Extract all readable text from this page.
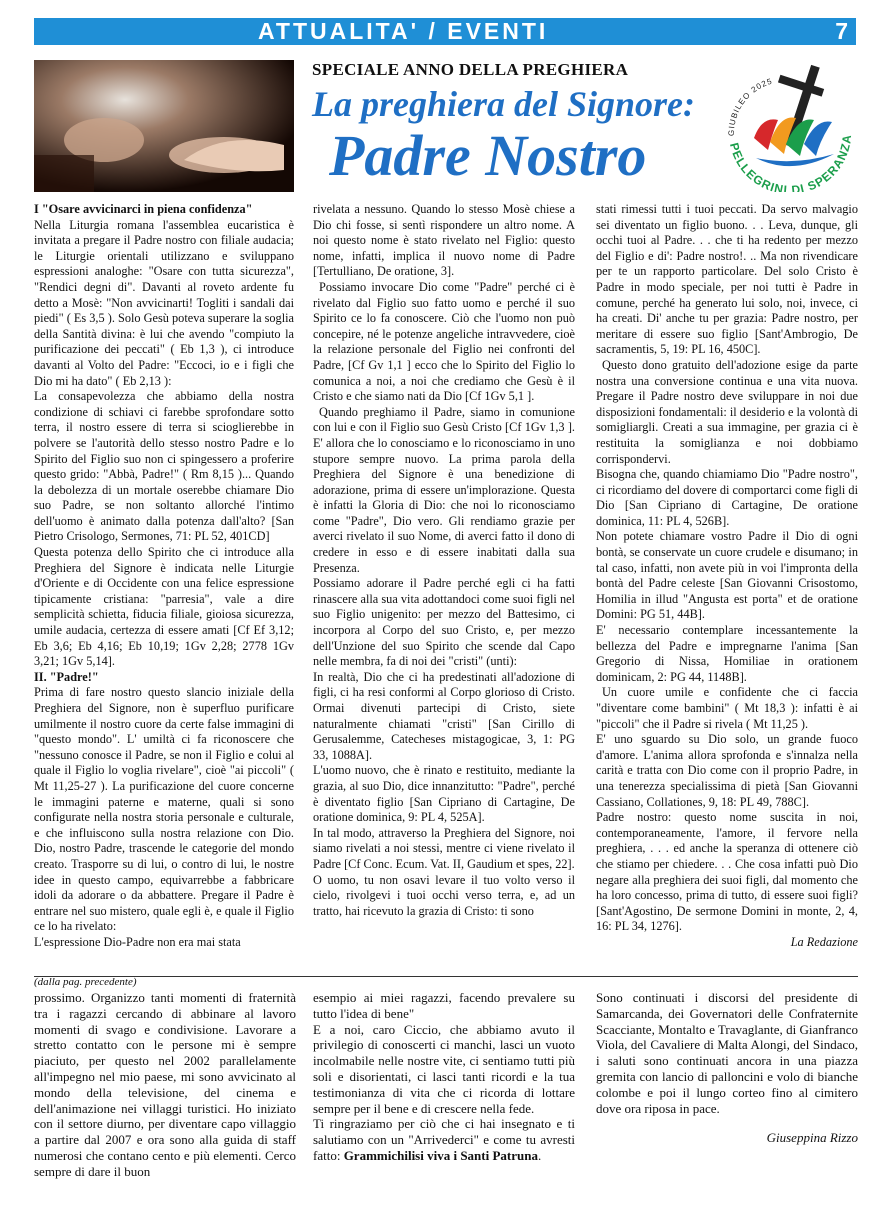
ATTUALITA' / EVENTI	7
SPECIALE ANNO DELLA PREGHIERA
La preghiera del Signore:
Padre Nostro	GIUBILEO 2025
PELLEGRINI DI SPERANZA

I "Osare avvicinarci in piena confidenza"

Nella Liturgia romana l'assemblea eucaristica è invitata a pregare il Padre nostro con filiale audacia; le Liturgie orientali utilizzano e sviluppano espressioni analoghe: "Osare con tutta sicurezza", "Rendici degni di". Davanti al roveto ardente fu detto a Mosè: "Non avvicinarti! Togliti i sandali dai piedi" ( Es 3,5 ). Solo Gesù poteva superare la soglia della Santità divina: è lui che avendo "compiuto la purificazione dei peccati" ( Eb 1,3 ), ci introduce davanti al Volto del Padre: "Eccoci, io e i figli che Dio mi ha dato" ( Eb 2,13 ):

La consapevolezza che abbiamo della nostra condizione di schiavi ci farebbe sprofondare sotto terra, il nostro essere di terra si scioglierebbe in polvere se l'autorità dello stesso nostro Padre e lo Spirito del Figlio suo non ci spingessero a proferire questo grido: "Abbà, Padre!" ( Rm 8,15 )... Quando la debolezza di un mortale oserebbe chiamare Dio suo Padre, se non soltanto allorché l'intimo dell'uomo è animato dalla potenza dall'alto? [San Pietro Crisologo, Sermones, 71: PL 52, 401CD]

Questa potenza dello Spirito che ci introduce alla Preghiera del Signore è indicata nelle Liturgie d'Oriente e di Occidente con una felice espressione tipicamente cristiana: "parresia", vale a dire semplicità schietta, fiducia filiale, gioiosa sicurezza, umile audacia, certezza di essere amati [Cf Ef 3,12; Eb 3,6; Eb 4,16; Eb 10,19; 1Gv 2,28; 2778 1Gv 3,21; 1Gv 5,14].

II. "Padre!"

Prima di fare nostro questo slancio iniziale della Preghiera del Signore, non è superfluo purificare umilmente il nostro cuore da certe false immagini di "questo mondo". L' umiltà ci fa riconoscere che "nessuno conosce il Padre, se non il Figlio e colui al quale il Figlio lo voglia rivelare", cioè "ai piccoli" ( Mt 11,25-27 ). La purificazione del cuore concerne le immagini paterne e materne, quali si sono configurate nella nostra storia personale e culturale, e che influiscono sulla nostra relazione con Dio. Dio, nostro Padre, trascende le categorie del mondo creato. Trasporre su di lui, o contro di lui, le nostre idee in questo campo, equivarrebbe a fabbricare idoli da adorare o da abbattere. Pregare il Padre è entrare nel suo mistero, quale egli è, e quale il Figlio ce lo ha rivelato:

L'espressione Dio-Padre non era mai stata

rivelata a nessuno. Quando lo stesso Mosè chiese a Dio chi fosse, si sentì rispondere un altro nome. A noi questo nome è stato rivelato nel Figlio: questo nome, infatti, implica il nuovo nome di Padre [Tertulliano, De oratione, 3].

Possiamo invocare Dio come "Padre" perché ci è rivelato dal Figlio suo fatto uomo e perché il suo Spirito ce lo fa conoscere. Ciò che l'uomo non può concepire, né le potenze angeliche intravvedere, cioè la relazione personale del Figlio nei confronti del Padre, [Cf Gv 1,1 ] ecco che lo Spirito del Figlio lo comunica a noi, a noi che crediamo che Gesù è il Cristo e che siamo nati da Dio [Cf 1Gv 5,1 ].

Quando preghiamo il Padre, siamo in comunione con lui e con il Figlio suo Gesù Cristo [Cf 1Gv 1,3 ]. E' allora che lo conosciamo e lo riconosciamo in uno stupore sempre nuovo. La prima parola della Preghiera del Signore è una benedizione di adorazione, prima di essere un'implorazione. Questa è infatti la Gloria di Dio: che noi lo riconosciamo come "Padre", Dio vero. Gli rendiamo grazie per averci rivelato il suo Nome, di averci fatto il dono di credere in esso e di essere inabitati dalla sua Presenza.

Possiamo adorare il Padre perché egli ci ha fatti rinascere alla sua vita adottandoci come suoi figli nel suo Figlio unigenito: per mezzo del Battesimo, ci incorpora al Corpo del suo Cristo, e, per mezzo dell'Unzione del suo Spirito che scende dal Capo nelle membra, fa di noi dei "cristi" (unti):

In realtà, Dio che ci ha predestinati all'adozione di figli, ci ha resi conformi al Corpo glorioso di Cristo. Ormai divenuti partecipi di Cristo, siete naturalmente chiamati "cristi" [San Cirillo di Gerusalemme, Catecheses mistagogicae, 3, 1: PG 33, 1088A].

L'uomo nuovo, che è rinato e restituito, mediante la grazia, al suo Dio, dice innanzitutto: "Padre", perché è diventato figlio [San Cipriano di Cartagine, De oratione dominica, 9: PL 4, 525A].

In tal modo, attraverso la Preghiera del Signore, noi siamo rivelati a noi stessi, mentre ci viene rivelato il Padre [Cf Conc. Ecum. Vat. II, Gaudium et spes, 22].

O uomo, tu non osavi levare il tuo volto verso il cielo, rivolgevi i tuoi occhi verso terra, e, ad un tratto, hai ricevuto la grazia di Cristo: ti sono

stati rimessi tutti i tuoi peccati. Da servo malvagio sei diventato un figlio buono. . . Leva, dunque, gli occhi tuoi al Padre. . . che ti ha redento per mezzo del Figlio e di': Padre nostro!. .. Ma non rivendicare per te un rapporto particolare. Del solo Cristo è Padre in modo speciale, per noi tutti è Padre in comune, perché ha generato lui solo, noi, invece, ci ha creati. Di' anche tu per grazia: Padre nostro, per meritare di essere suo figlio [Sant'Ambrogio, De sacramentis, 5, 19: PL 16, 450C].

Questo dono gratuito dell'adozione esige da parte nostra una conversione continua e una vita nuova. Pregare il Padre nostro deve sviluppare in noi due disposizioni fondamentali: il desiderio e la volontà di somigliargli. Creati a sua immagine, per grazia ci è restituita la somiglianza e noi dobbiamo corrispondervi.

Bisogna che, quando chiamiamo Dio "Padre nostro", ci ricordiamo del dovere di comportarci come figli di Dio [San Cipriano di Cartagine, De oratione dominica, 11: PL 4, 526B].

Non potete chiamare vostro Padre il Dio di ogni bontà, se conservate un cuore crudele e disumano; in tal caso, infatti, non avete più in voi l'impronta della bontà del Padre celeste [San Giovanni Crisostomo, Homilia in illud "Angusta est porta" et de oratione Domini: PG 51, 44B].

E' necessario contemplare incessantemente la bellezza del Padre e impregnarne l'anima [San Gregorio di Nissa, Homiliae in orationem dominicam, 2: PG 44, 1148B].

Un cuore umile e confidente che ci faccia "diventare come bambini" ( Mt 18,3 ): infatti è ai "piccoli" che il Padre si rivela ( Mt 11,25 ).

E' uno sguardo su Dio solo, un grande fuoco d'amore. L'anima allora sprofonda e s'innalza nella carità e tratta con Dio come con il proprio Padre, in una tenerezza specialissima di pietà [San Giovanni Cassiano, Collationes, 9, 18: PL 49, 788C].

Padre nostro: questo nome suscita in noi, contemporaneamente, l'amore, il fervore nella preghiera, . . . ed anche la speranza di ottenere ciò che stiamo per chiedere. . . Che cosa infatti può Dio negare alla preghiera dei suoi figli, dal momento che ha loro concesso, prima di tutto, di essere suoi figli? [Sant'Agostino, De sermone Domini in monte, 2, 4, 16: PL 34, 1276].

La Redazione

(dalla pag. precedente)

prossimo. Organizzo tanti momenti di fraternità tra i ragazzi cercando di abbinare al lavoro momenti di svago e condivisione. Lavorare a stretto contatto con le persone mi è sempre piaciuto, per questo nel 2002 parallelamente all'impegno nel mio paese, mi sono avvicinato al mondo della televisione, del cinema e dell'animazione nei villaggi turistici. Ho iniziato con il settore diurno, per diventare capo villaggio a partire dal 2007 e ora sono alla guida di staff numerosi che contano cento e più elementi. Cerco sempre di dare il buon

esempio ai miei ragazzi, facendo prevalere su tutto l'idea di bene"

E a noi, caro Ciccio, che abbiamo avuto il privilegio di conoscerti ci manchi, lasci un vuoto incolmabile nelle nostre vite, ci sentiamo tutti più soli e disorientati, ci lasci tanti ricordi e la tua testimonianza di vita che ci ricorda di lottare sempre per il bene e di crescere nella fede.

Ti ringraziamo per ciò che ci hai insegnato e ti salutiamo con un "Arrivederci" e come tu avresti fatto: Grammichilisi viva i Santi Patruna.

Sono continuati i discorsi del presidente di Samarcanda, dei Governatori delle Confraternite Scacciante, Montalto e Travaglante, di Gianfranco Viola, del Cavaliere di Malta Alongi, del Sindaco, i saluti sono continuati ancora in una piazza gremita con lancio di palloncini e volo di bianche colombe e poi il lungo corteo fino al cimitero dove ora riposa in pace.

Giuseppina Rizzo
